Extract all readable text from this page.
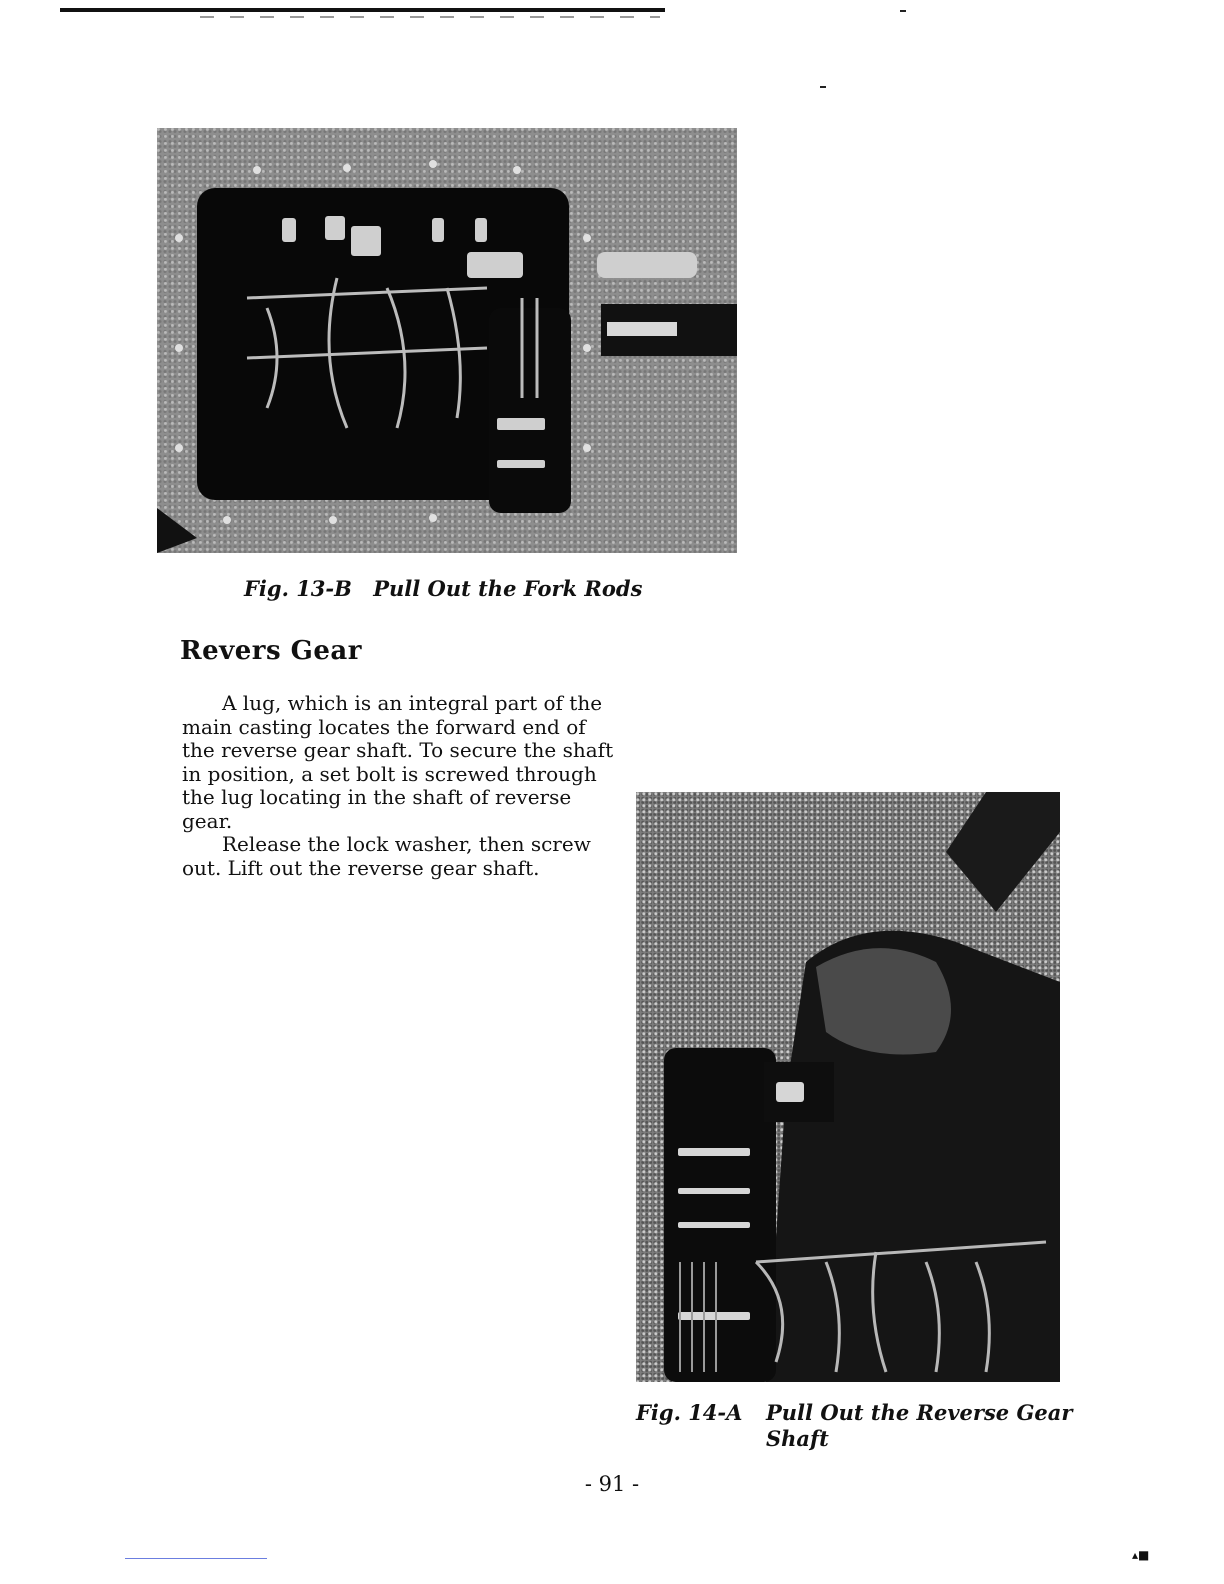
Fig. 13-B Pull Out the Fork Rods
Revers Gear

A lug, which is an integral part of the main casting locates the forward end of the reverse gear shaft. To secure the shaft in position, a set bolt is screwed through the lug locating in the shaft of reverse gear.

Release the lock washer, then screw out. Lift out the reverse gear shaft.

Fig. 14-A Pull Out the Reverse Gear
Shaft
- 91 -
▴■
